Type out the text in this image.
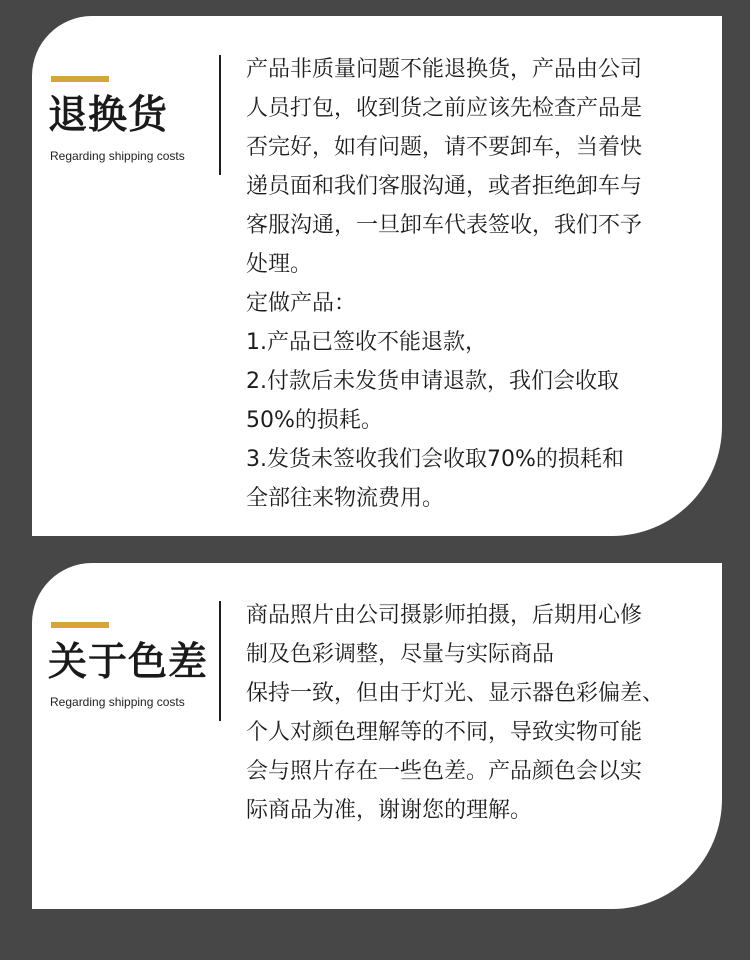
退换货
Regarding shipping costs

产品非质量问题不能退换货，产品由公司

人员打包，收到货之前应该先检查产品是

否完好，如有问题，请不要卸车，当着快

递员面和我们客服沟通，或者拒绝卸车与

客服沟通，一旦卸车代表签收，我们不予

处理。

定做产品：

1.产品已签收不能退款，

2.付款后未发货申请退款，我们会收取

50%的损耗。

3.发货未签收我们会收取70%的损耗和

全部往来物流费用。

关于色差
Regarding shipping costs

商品照片由公司摄影师拍摄，后期用心修

制及色彩调整，尽量与实际商品

保持一致，但由于灯光、显示器色彩偏差、

个人对颜色理解等的不同，导致实物可能

会与照片存在一些色差。产品颜色会以实

际商品为准，谢谢您的理解。
